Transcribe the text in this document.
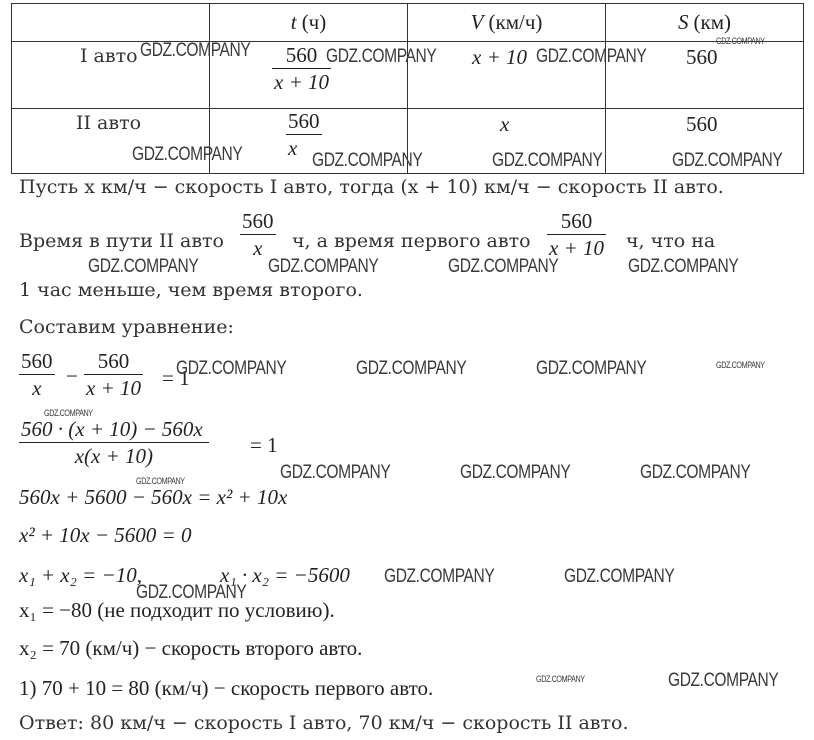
	t (ч)	V (км/ч)	S (км)

I авто	$\frac{560}{x + 10}$	x + 10	560
II авто	$\frac{560}{x}$	x	560
Пусть x км/ч − скорость I авто, тогда (x + 10) км/ч − скорость II авто.
Время в пути II авто $\frac{560}{x} ч$, а время первого авто $\frac{560}{x + 10} ч$, что на
1 час меньше, чем время второго.
Составим уравнение:
$\frac{560}{x} - \frac{560}{x + 10} = 1$
$\frac{560 \cdot (x + 10) - 560x}{x(x + 10)} = 1$
560x + 5600 − 560x = x² + 10x
x² + 10x − 5600 = 0
x₁ + x₂ = −10,	x₁ · x₂ = −5600
x₁ = −80 (не подходит по условию).
x₂ = 70 (км/ч) − скорость второго авто.
1) 70 + 10 = 80 (км/ч) − скорость первого авто.
Ответ: 80 км/ч − скорость I авто, 70 км/ч − скорость II авто.
GDZ.COMPANY	GDZ.COMPANY	GDZ.COMPANY
GDZ.COMPANY
GDZ.COMPANY	GDZ.COMPANY	GDZ.COMPANY	GDZ.COMPANY
GDZ.COMPANY	GDZ.COMPANY	GDZ.COMPANY	GDZ.COMPANY
GDZ.COMPANY	GDZ.COMPANY	GDZ.COMPANY	GDZ.COMPANY
GDZ.COMPANY
GDZ.COMPANY	GDZ.COMPANY	GDZ.COMPANY	GDZ.COMPANY
GDZ.COMPANY	GDZ.COMPANY
GDZ.COMPANY
GDZ.COMPANY	GDZ.COMPANY
